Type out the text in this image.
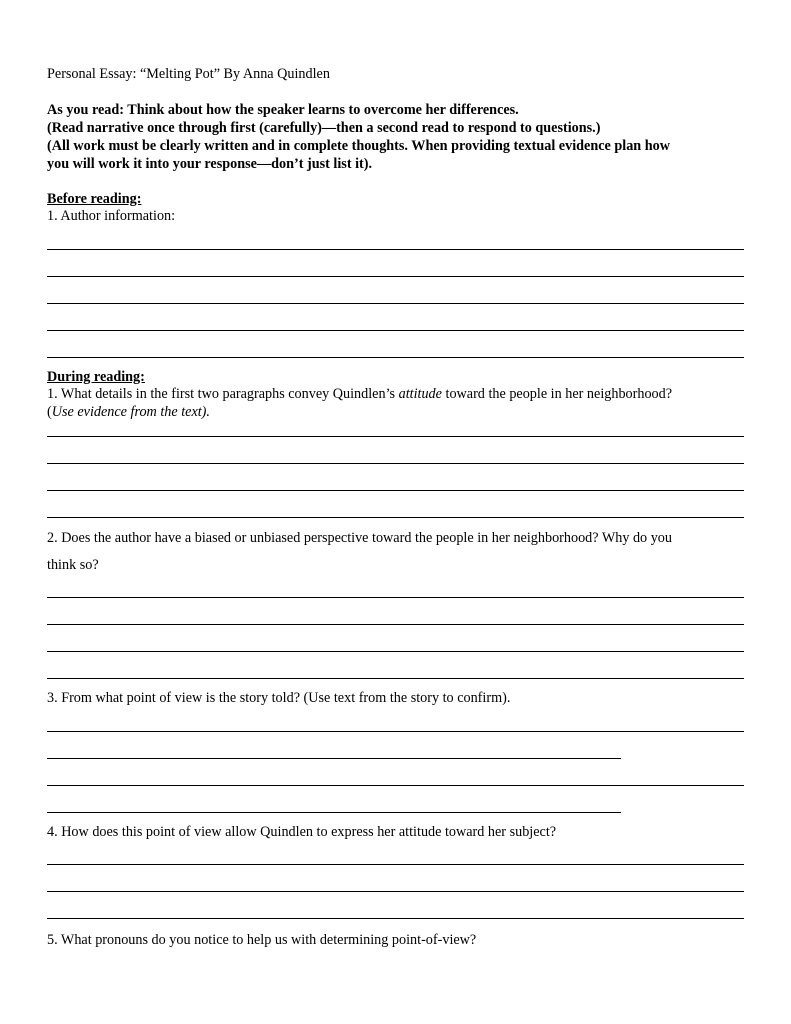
Personal Essay: “Melting Pot” By Anna Quindlen
As you read: Think about how the speaker learns to overcome her differences.
(Read narrative once through first (carefully)—then a second read to respond to questions.)
(All work must be clearly written and in complete thoughts. When providing textual evidence plan how
you will work it into your response—don’t just list it).
Before reading:
1. Author information:
During reading:
1. What details in the first two paragraphs convey Quindlen’s attitude toward the people in her neighborhood?
(Use evidence from the text).
2. Does the author have a biased or unbiased perspective toward the people in her neighborhood? Why do you
think so?
3. From what point of view is the story told? (Use text from the story to confirm).
4. How does this point of view allow Quindlen to express her attitude toward her subject?
5. What pronouns do you notice to help us with determining point-of-view?
